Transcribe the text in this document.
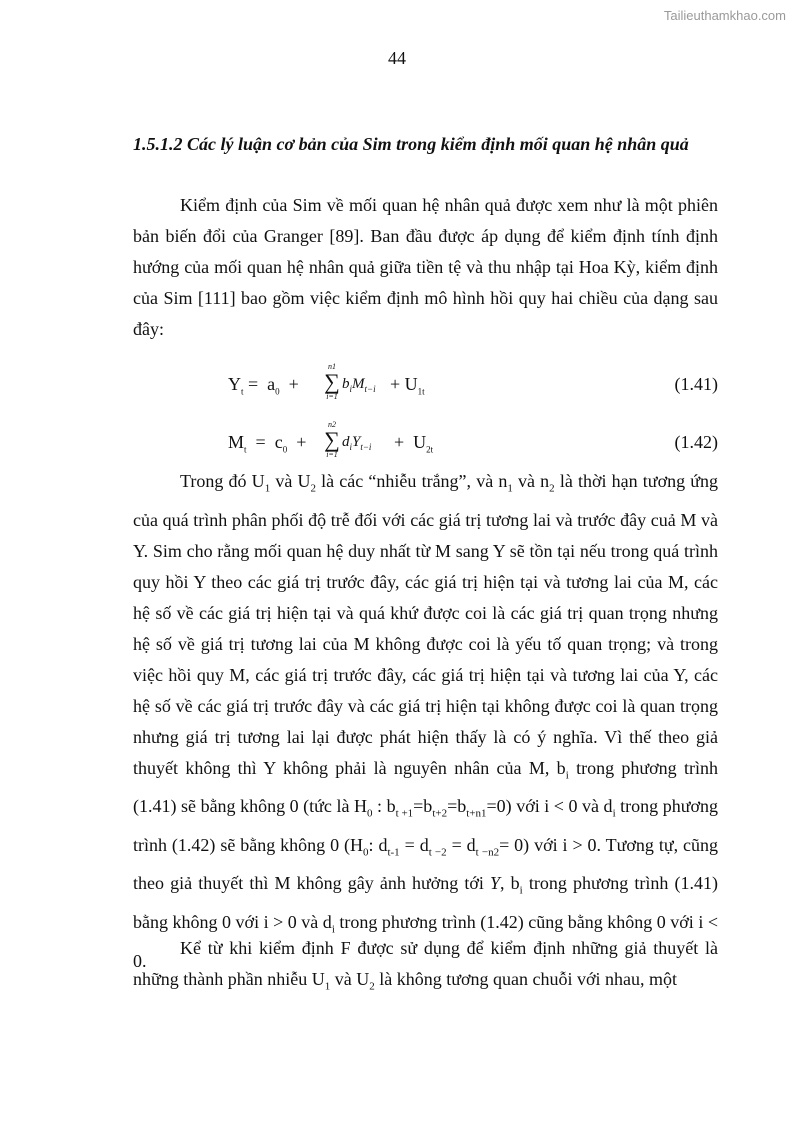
Tailieuthamkhao.com
44
1.5.1.2 Các lý luận cơ bản của Sim trong kiểm định mối quan hệ nhân quả
Kiểm định của Sim về mối quan hệ nhân quả được xem như là một phiên bản biến đổi của Granger [89]. Ban đầu được áp dụng để kiểm định tính định hướng của mối quan hệ nhân quả giữa tiền tệ và thu nhập tại Hoa Kỳ, kiểm định của Sim [111] bao gồm việc kiểm định mô hình hồi quy hai chiều của dạng sau đây:
$Y_t = a_0$  +
n1
∑
i=1
$b_iM_{t-i} + U_{1t}$	(1.41)
$M_t = c_0$  +
n2
∑
i=1
$d_iY_{t-i} + U_{2t}$	(1.42)
Trong đó $U_1$ và $U_2$ là các “nhiễu trắng”, và $n_1$ và $n_2$ là thời hạn tương ứng của quá trình phân phối độ trễ đối với các giá trị tương lai và trước đây cuả M và Y. Sim cho rằng mối quan hệ duy nhất từ M sang Y sẽ tồn tại nếu trong quá trình quy hồi Y theo các giá trị trước đây, các giá trị hiện tại và tương lai của M, các hệ số về các giá trị hiện tại và quá khứ được coi là các giá trị quan trọng nhưng hệ số về giá trị tương lai của M không được coi là yếu tố quan trọng; và trong việc hồi quy M, các giá trị trước đây, các giá trị hiện tại và tương lai của Y, các hệ số về các giá trị trước đây và các giá trị hiện tại không được coi là quan trọng nhưng giá trị tương lai lại được phát hiện thấy là có ý nghĩa. Vì thế theo giả thuyết không thì Y không phải là nguyên nhân của M, $b_i$ trong phương trình (1.41) sẽ bằng không 0 (tức là $H_0$ : $b_{t +1}=b_{t+2}=b_{t+n1}=0$) với i < 0 và $d_i$ trong phương trình (1.42) sẽ bằng không 0 ($H_0$: $d_{t-1} = d_{t -2} = d_{t -n2}= 0$) với i > 0. Tương tự, cũng theo giả thuyết thì M không gây ảnh hưởng tới Y, $b_i$ trong phương trình (1.41) bằng không 0 với i > 0 và $d_i$ trong phương trình (1.42) cũng bằng không 0 với i < 0.
Kể từ khi kiểm định F được sử dụng để kiểm định những giả thuyết là những thành phần nhiễu $U_1$ và $U_2$ là không tương quan chuỗi với nhau, một
